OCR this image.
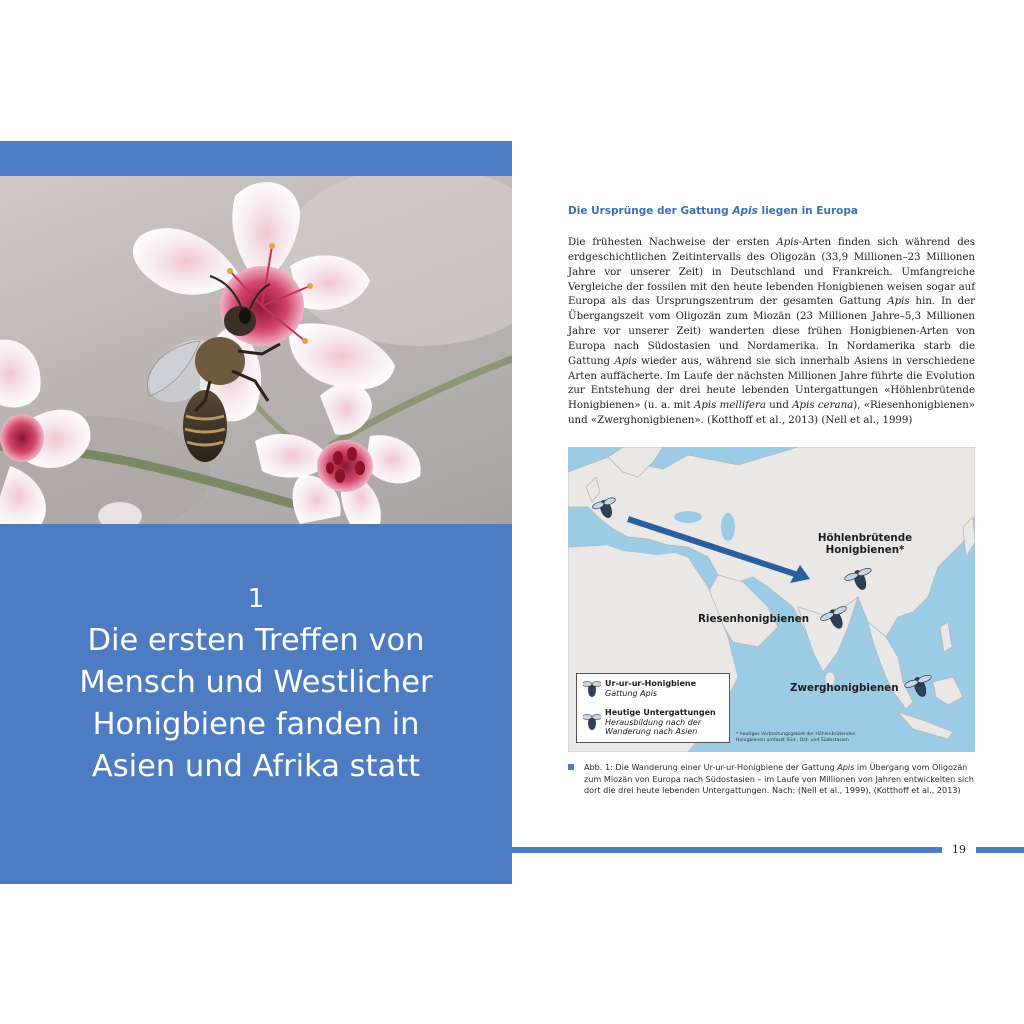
1
Die ersten Treffen von
Mensch und Westlicher
Honigbiene fanden in
Asien und Afrika statt
Die Ursprünge der Gattung Apis liegen in Europa
Die frühesten Nachweise der ersten Apis-Arten finden sich während des erdgeschichtlichen Zeitintervalls des Oligozän (33,9 Millionen–23 Millionen Jahre vor unserer Zeit) in Deutschland und Frankreich. Umfangreiche Vergleiche der fossilen mit den heute lebenden Honigbienen weisen sogar auf Europa als das Ursprungszentrum der gesamten Gattung Apis hin. In der Übergangszeit vom Oligozän zum Miozän (23 Millionen Jahre–5,3 Millionen Jahre vor unserer Zeit) wanderten diese frühen Honigbienen-Arten von Europa nach Südostasien und Nordamerika. In Nordamerika starb die Gattung Apis wieder aus, während sie sich innerhalb Asiens in verschiedene Arten auffächerte. Im Laufe der nächsten Millionen Jahre führte die Evolution zur Entstehung der drei heute lebenden Untergattungen «Höhlenbrütende Honigbienen» (u. a. mit Apis mellifera und Apis cerana), «Riesenhonigbienen» und «Zwerghonigbienen». (Kotthoff et al., 2013) (Nell et al., 1999)
Höhlenbrütende
Honigbienen*
Riesenhonigbienen
Zwerghonigbienen
Ur-ur-ur-Honigbiene
Gattung Apis
Heutige Untergattungen
Herausbildung nach der
Wanderung nach Asien	* heutiges Verbreitungsgebiet der Höhlenbrütenden Honigbienen umfasst Süd-, Ost- und Südostasien
Abb. 1: Die Wanderung einer Ur-ur-ur-Honigbiene der Gattung Apis im Übergang vom Oligozän zum Miozän von Europa nach Südostasien – im Laufe von Millionen von Jahren entwickelten sich dort die drei heute lebenden Untergattungen. Nach: (Nell et al., 1999), (Kotthoff et al., 2013)
19
